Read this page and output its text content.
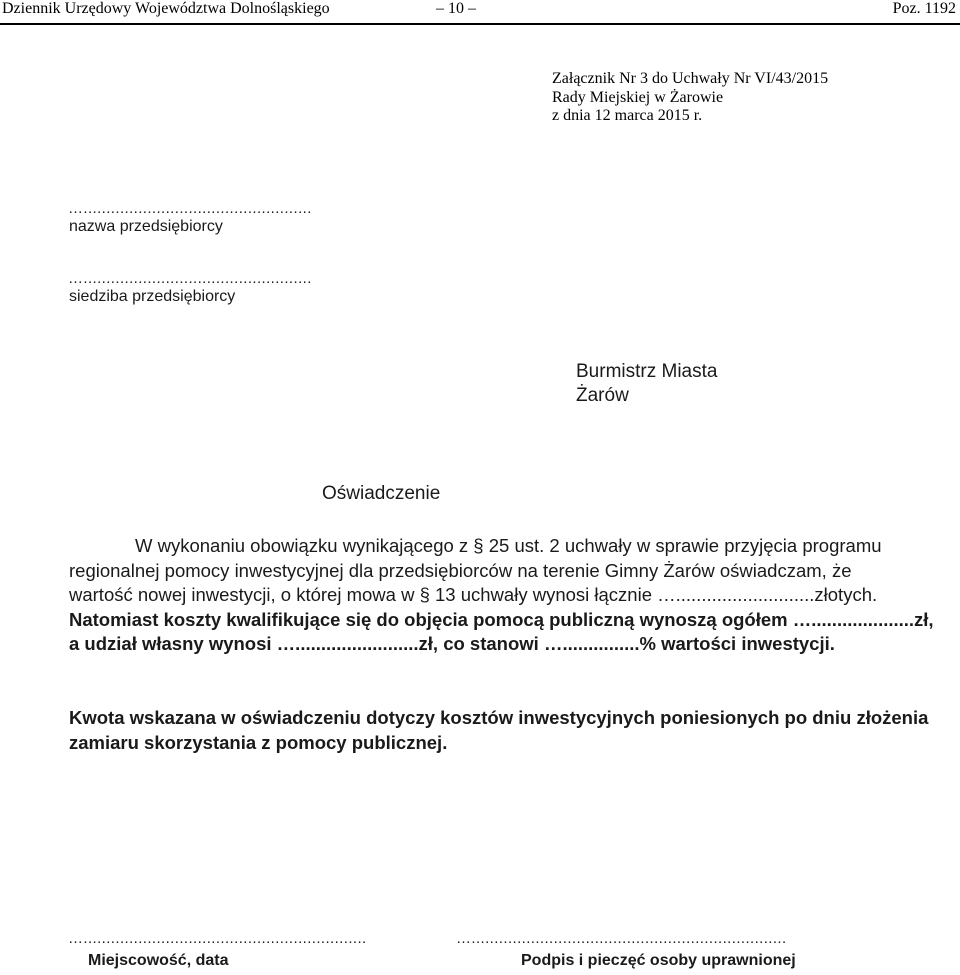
Dziennik Urzędowy Województwa Dolnośląskiego	– 10 –	Poz. 1192
Załącznik Nr 3 do Uchwały Nr VI/43/2015
Rady Miejskiej w Żarowie
z dnia 12 marca 2015 r.
…..................................................
nazwa przedsiębiorcy
…..................................................
siedziba przedsiębiorcy
Burmistrz Miasta
Żarów
Oświadczenie
W wykonaniu obowiązku wynikającego z § 25 ust. 2 uchwały w sprawie przyjęcia programu
regionalnej pomocy inwestycyjnej dla przedsiębiorców na terenie Gimny Żarów oświadczam, że
wartość nowej inwestycji, o której mowa w § 13 uchwały wynosi łącznie …...........................złotych.
Natomiast koszty kwalifikujące się do objęcia pomocą publiczną wynoszą ogółem …....................zł,
a udział własny wynosi …........................zł, co stanowi …...............% wartości inwestycji.
Kwota wskazana w oświadczeniu dotyczy kosztów inwestycyjnych poniesionych po dniu złożenia
zamiaru skorzystania z pomocy publicznej.
…..............................................................	….....................................................................
Miejscowość, data	Podpis i pieczęć osoby uprawnionej
